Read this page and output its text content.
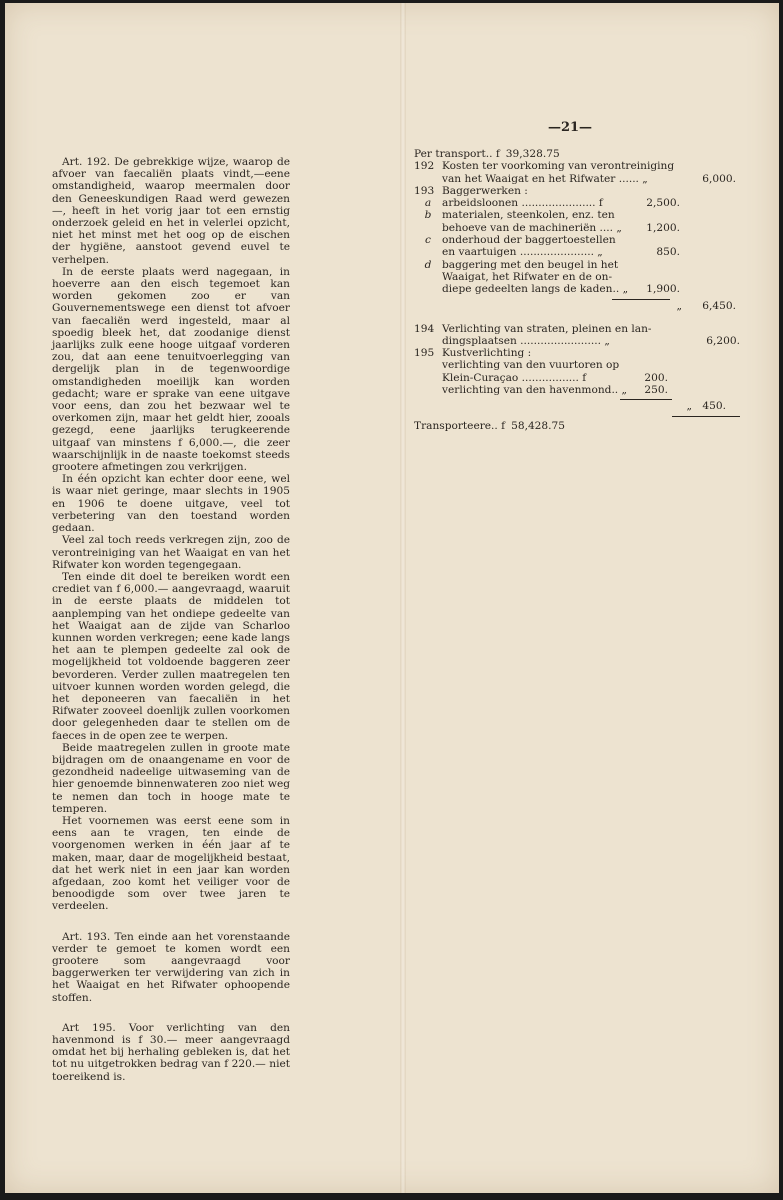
—21—

Art. 192. De gebrekkige wijze, waarop de afvoer van faecaliën plaats vindt,—eene omstandigheid, waarop meermalen door den Geneeskundigen Raad werd gewezen—, heeft in het vorig jaar tot een ernstig onderzoek geleid en het in velerlei opzicht, niet het minst met het oog op de eischen der hygiëne, aanstoot gevend euvel te verhelpen.

In de eerste plaats werd nagegaan, in hoeverre aan den eisch tegemoet kan worden gekomen zoo er van Gouvernementswege een dienst tot afvoer van faecaliën werd ingesteld, maar al spoedig bleek het, dat zoodanige dienst jaarlijks zulk eene hooge uitgaaf vorderen zou, dat aan eene tenuitvoerlegging van dergelijk plan in de tegenwoordige omstandigheden moeilijk kan worden gedacht; ware er sprake van eene uitgave voor eens, dan zou het bezwaar wel te overkomen zijn, maar het geldt hier, zooals gezegd, eene jaarlijks terugkeerende uitgaaf van minstens f 6,000.—, die zeer waarschijnlijk in de naaste toekomst steeds grootere afmetingen zou verkrijgen.

In één opzicht kan echter door eene, wel is waar niet geringe, maar slechts in 1905 en 1906 te doene uitgave, veel tot verbetering van den toestand worden gedaan.

Veel zal toch reeds verkregen zijn, zoo de verontreiniging van het Waaigat en van het Rifwater kon worden tegengegaan.

Ten einde dit doel te bereiken wordt een crediet van f 6,000.— aangevraagd, waaruit in de eerste plaats de middelen tot aanplemping van het ondiepe gedeelte van het Waaigat aan de zijde van Scharloo kunnen worden verkregen; eene kade langs het aan te plempen gedeelte zal ook de mogelijkheid tot voldoende baggeren zeer bevorderen. Verder zullen maatregelen ten uitvoer kunnen worden worden gelegd, die het deponeeren van faecaliën in het Rifwater zooveel doenlijk zullen voorkomen door gelegenheden daar te stellen om de faeces in de open zee te werpen.

Beide maatregelen zullen in groote mate bijdragen om de onaangename en voor de gezondheid nadeelige uitwaseming van de hier genoemde binnenwateren zoo niet weg te nemen dan toch in hooge mate te temperen.

Het voornemen was eerst eene som in eens aan te vragen, ten einde de voorgenomen werken in één jaar af te maken, maar, daar de mogelijkheid bestaat, dat het werk niet in een jaar kan worden afgedaan, zoo komt het veiliger voor de benoodigde som over twee jaren te verdeelen.

Art. 193. Ten einde aan het vorenstaande verder te gemoet te komen wordt een grootere som aangevraagd voor baggerwerken ter verwijdering van zich in het Waaigat en het Rifwater ophoopende stoffen.

Art 195. Voor verlichting van den havenmond is f 30.— meer aangevraagd omdat het bij herhaling gebleken is, dat het tot nu uitgetrokken bedrag van f 220.— niet toereikend is.

Per transport.. f 39,328.75
192 Kosten ter voorkoming van verontreiniging
van het Waaigat en het Rifwater ...... „	6,000.
193 Baggerwerken :
a	arbeidsloonen ...................... f	2,500.
b	materialen, steenkolen, enz. ten
behoeve van de machineriën .... „	1,200.
c	onderhoud der baggertoestellen
en vaartuigen ...................... „	850.
d	baggering met den beugel in het
Waaigat, het Rifwater en de on-
diepe gedeelten langs de kaden.. „	1,900.
„ 6,450.
194 Verlichting van straten, pleinen en lan-
dingsplaatsen ........................ „	6,200.
195 Kustverlichting :
verlichting van den vuurtoren op
Klein-Curaçao ................. f	200.
verlichting van den havenmond.. „	250.
„ 450.
Transporteere.. f 58,428.75
